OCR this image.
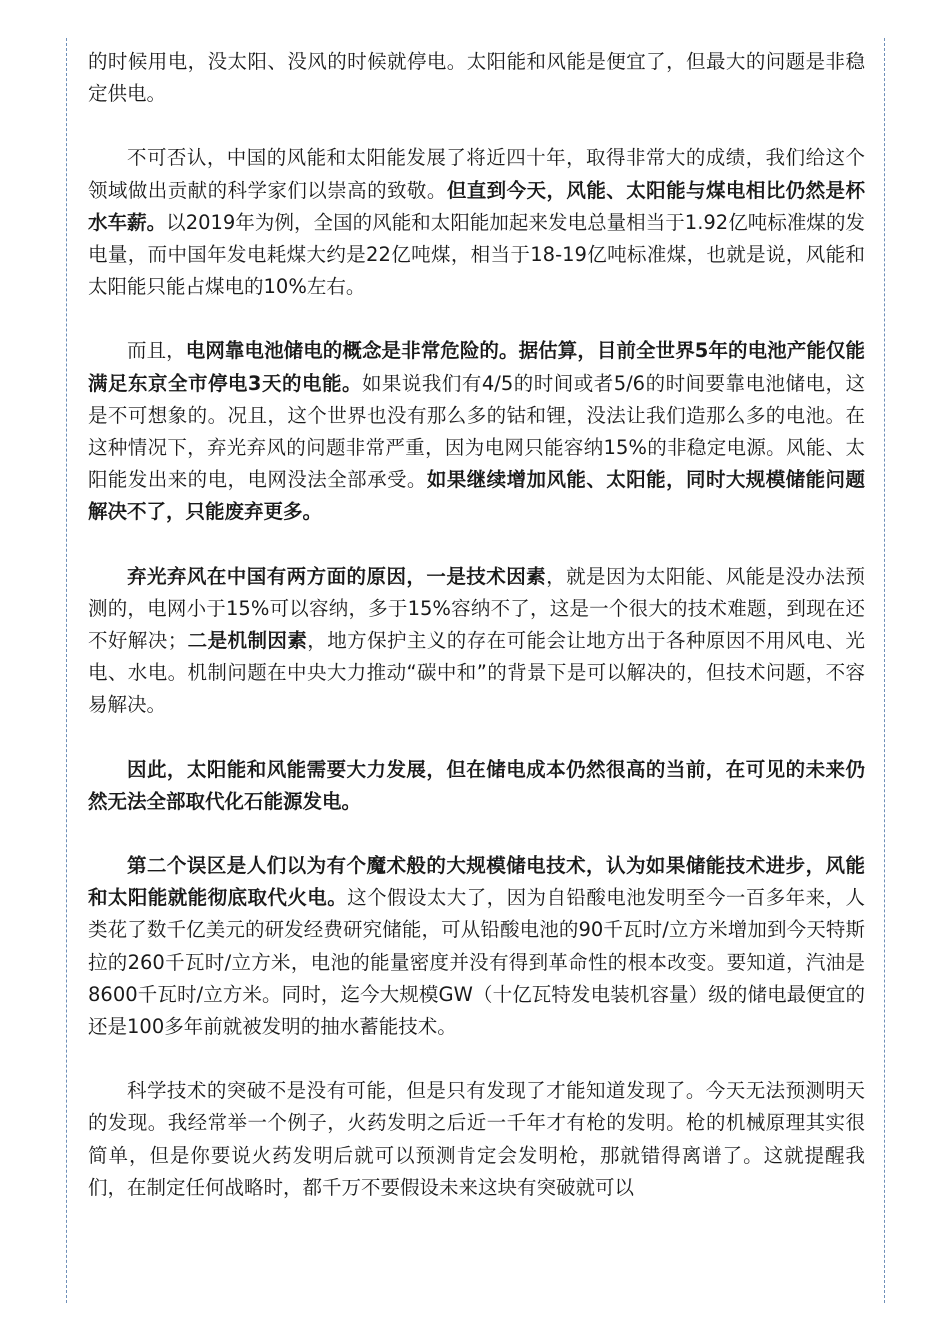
的时候用电，没太阳、没风的时候就停电。太阳能和风能是便宜了，但最大的问题是非稳定供电。

不可否认，中国的风能和太阳能发展了将近四十年，取得非常大的成绩，我们给这个领域做出贡献的科学家们以崇高的致敬。但直到今天，风能、太阳能与煤电相比仍然是杯水车薪。以2019年为例，全国的风能和太阳能加起来发电总量相当于1.92亿吨标准煤的发电量，而中国年发电耗煤大约是22亿吨煤，相当于18-19亿吨标准煤，也就是说，风能和太阳能只能占煤电的10%左右。

而且，电网靠电池储电的概念是非常危险的。据估算，目前全世界5年的电池产能仅能满足东京全市停电3天的电能。如果说我们有4/5的时间或者5/6的时间要靠电池储电，这是不可想象的。况且，这个世界也没有那么多的钴和锂，没法让我们造那么多的电池。在这种情况下，弃光弃风的问题非常严重，因为电网只能容纳15%的非稳定电源。风能、太阳能发出来的电，电网没法全部承受。如果继续增加风能、太阳能，同时大规模储能问题解决不了，只能废弃更多。

弃光弃风在中国有两方面的原因，一是技术因素，就是因为太阳能、风能是没办法预测的，电网小于15%可以容纳，多于15%容纳不了，这是一个很大的技术难题，到现在还不好解决；二是机制因素，地方保护主义的存在可能会让地方出于各种原因不用风电、光电、水电。机制问题在中央大力推动“碳中和”的背景下是可以解决的，但技术问题，不容易解决。

因此，太阳能和风能需要大力发展，但在储电成本仍然很高的当前，在可见的未来仍然无法全部取代化石能源发电。

第二个误区是人们以为有个魔术般的大规模储电技术，认为如果储能技术进步，风能和太阳能就能彻底取代火电。这个假设太大了，因为自铅酸电池发明至今一百多年来，人类花了数千亿美元的研发经费研究储能，可从铅酸电池的90千瓦时/立方米增加到今天特斯拉的260千瓦时/立方米，电池的能量密度并没有得到革命性的根本改变。要知道，汽油是8600千瓦时/立方米。同时，迄今大规模GW（十亿瓦特发电装机容量）级的储电最便宜的还是100多年前就被发明的抽水蓄能技术。

科学技术的突破不是没有可能，但是只有发现了才能知道发现了。今天无法预测明天的发现。我经常举一个例子，火药发明之后近一千年才有枪的发明。枪的机械原理其实很简单，但是你要说火药发明后就可以预测肯定会发明枪，那就错得离谱了。这就提醒我们，在制定任何战略时，都千万不要假设未来这块有突破就可以
